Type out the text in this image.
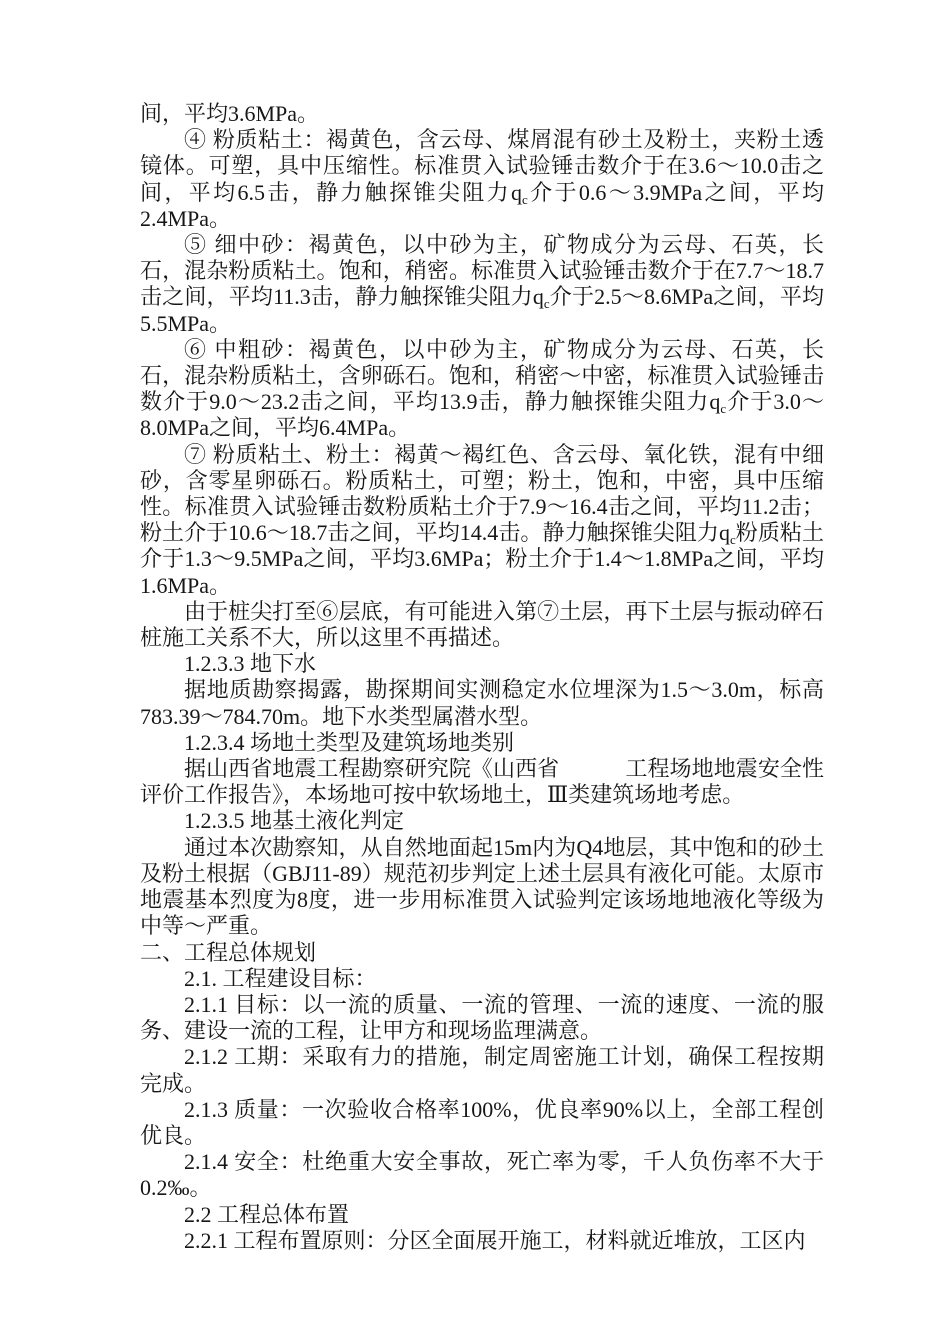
间，平均3.6MPa。

④ 粉质粘土：褐黄色，含云母、煤屑混有砂土及粉土，夹粉土透镜体。可塑，具中压缩性。标准贯入试验锤击数介于在3.6～10.0击之间，平均6.5击，静力触探锥尖阻力$q_c$介于0.6～3.9MPa之间，平均2.4MPa。

⑤ 细中砂：褐黄色，以中砂为主，矿物成分为云母、石英，长石，混杂粉质粘土。饱和，稍密。标准贯入试验锤击数介于在7.7～18.7击之间，平均11.3击，静力触探锥尖阻力$q_c$介于2.5～8.6MPa之间，平均5.5MPa。

⑥ 中粗砂：褐黄色，以中砂为主，矿物成分为云母、石英，长石，混杂粉质粘土，含卵砾石。饱和，稍密～中密，标准贯入试验锤击数介于9.0～23.2击之间，平均13.9击，静力触探锥尖阻力$q_c$介于3.0～8.0MPa之间，平均6.4MPa。

⑦ 粉质粘土、粉土：褐黄～褐红色、含云母、氧化铁，混有中细砂，含零星卵砾石。粉质粘土，可塑；粉土，饱和，中密，具中压缩性。标准贯入试验锤击数粉质粘土介于7.9～16.4击之间，平均11.2击；粉土介于10.6～18.7击之间，平均14.4击。静力触探锥尖阻力$q_c$粉质粘土介于1.3～9.5MPa之间，平均3.6MPa；粉土介于1.4～1.8MPa之间，平均1.6MPa。

由于桩尖打至⑥层底，有可能进入第⑦土层，再下土层与振动碎石桩施工关系不大，所以这里不再描述。

1.2.3.3 地下水

据地质勘察揭露，勘探期间实测稳定水位埋深为1.5～3.0m，标高783.39～784.70m。地下水类型属潜水型。

1.2.3.4 场地土类型及建筑场地类别

据山西省地震工程勘察研究院《山西省　　　工程场地地震安全性评价工作报告》，本场地可按中软场地土，Ⅲ类建筑场地考虑。

1.2.3.5 地基土液化判定

通过本次勘察知，从自然地面起15m内为Q4地层，其中饱和的砂土及粉土根据（GBJ11-89）规范初步判定上述土层具有液化可能。太原市地震基本烈度为8度，进一步用标准贯入试验判定该场地地液化等级为中等～严重。

二、工程总体规划

2.1. 工程建设目标：

2.1.1 目标：以一流的质量、一流的管理、一流的速度、一流的服务、建设一流的工程，让甲方和现场监理满意。

2.1.2 工期：采取有力的措施，制定周密施工计划，确保工程按期完成。

2.1.3 质量：一次验收合格率100%，优良率90%以上，全部工程创优良。

2.1.4 安全：杜绝重大安全事故，死亡率为零，千人负伤率不大于0.2‰。

2.2 工程总体布置

2.2.1 工程布置原则：分区全面展开施工，材料就近堆放，工区内
